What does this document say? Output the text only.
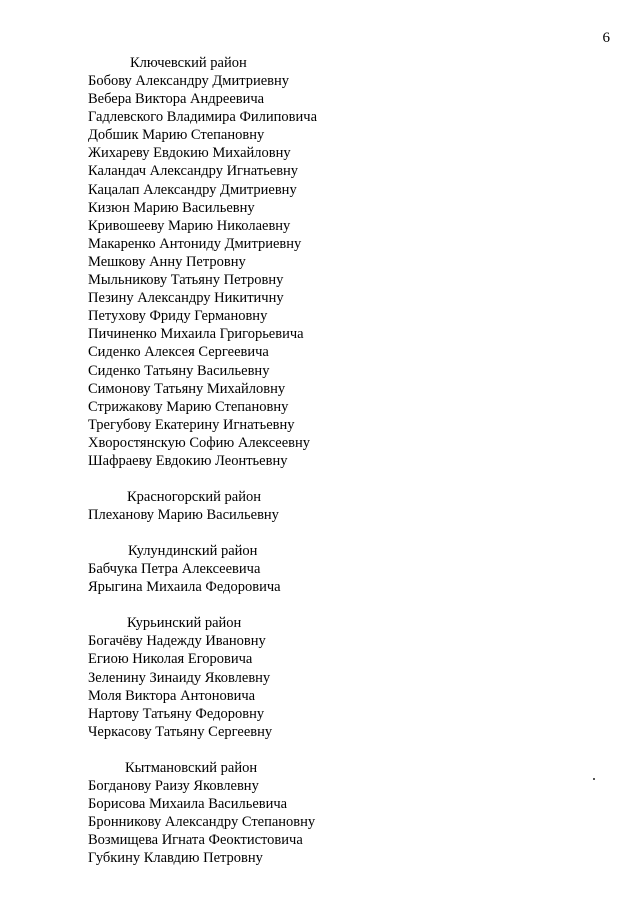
6
Ключевский район
Бобову Александру Дмитриевну
Вебера Виктора Андреевича
Гадлевского Владимира Филиповича
Добшик Марию Степановну
Жихареву Евдокию Михайловну
Каландач Александру Игнатьевну
Кацалап Александру Дмитриевну
Кизюн Марию Васильевну
Кривошееву Марию Николаевну
Макаренко Антониду Дмитриевну
Мешкову Анну Петровну
Мыльникову Татьяну Петровну
Пезину Александру Никитичну
Петухову Фриду Германовну
Пичиненко Михаила Григорьевича
Сиденко Алексея Сергеевича
Сиденко Татьяну Васильевну
Симонову Татьяну Михайловну
Стрижакову Марию Степановну
Трегубову Екатерину Игнатьевну
Хворостянскую Софию Алексеевну
Шафраеву Евдокию Леонтьевну
Красногорский район
Плеханову Марию Васильевну
Кулундинский район
Бабчука Петра Алексеевича
Ярыгина Михаила Федоровича
Курьинский район
Богачёву Надежду Ивановну
Егиою Николая Егоровича
Зеленину Зинаиду Яковлевну
Моля Виктора Антоновича
Нартову Татьяну Федоровну
Черкасову Татьяну Сергеевну
Кытмановский район
Богданову Раизу Яковлевну
Борисова Михаила Васильевича
Бронникову Александру Степановну
Возмищева Игната Феоктистовича
Губкину Клавдию Петровну
